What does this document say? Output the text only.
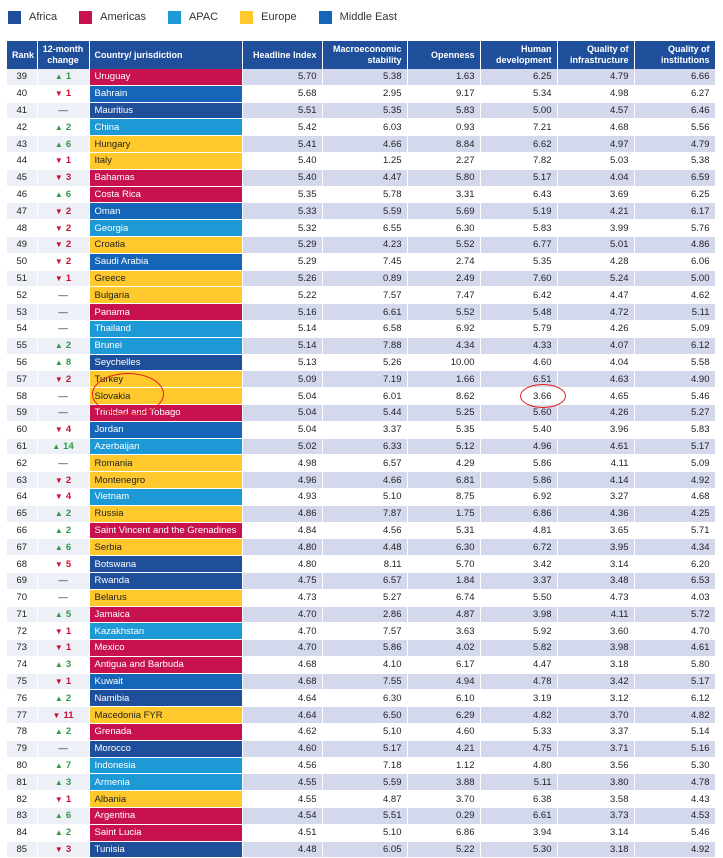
Africa	Americas	APAC	Europe	Middle East
Rank	12-month change	Country/ jurisdiction	Headline Index	Macroeconomic stability	Openness	Human development	Quality of infrastructure	Quality of institutions
39	▲ 1	Uruguay	5.70	5.38	1.63	6.25	4.79	6.66
40	▼ 1	Bahrain	5.68	2.95	9.17	5.34	4.98	6.27
41	—	Mauritius	5.51	5.35	5.83	5.00	4.57	6.46
42	▲ 2	China	5.42	6.03	0.93	7.21	4.68	5.56
43	▲ 6	Hungary	5.41	4.66	8.84	6.62	4.97	4.79
44	▼ 1	Italy	5.40	1.25	2.27	7.82	5.03	5.38
45	▼ 3	Bahamas	5.40	4.47	5.80	5.17	4.04	6.59
46	▲ 6	Costa Rica	5.35	5.78	3.31	6.43	3.69	6.25
47	▼ 2	Oman	5.33	5.59	5.69	5.19	4.21	6.17
48	▼ 2	Georgia	5.32	6.55	6.30	5.83	3.99	5.76
49	▼ 2	Croatia	5.29	4.23	5.52	6.77	5.01	4.86
50	▼ 2	Saudi Arabia	5.29	7.45	2.74	5.35	4.28	6.06
51	▼ 1	Greece	5.26	0.89	2.49	7.60	5.24	5.00
52	—	Bulgaria	5.22	7.57	7.47	6.42	4.47	4.62
53	—	Panama	5.16	6.61	5.52	5.48	4.72	5.11
54	—	Thailand	5.14	6.58	6.92	5.79	4.26	5.09
55	▲ 2	Brunei	5.14	7.88	4.34	4.33	4.07	6.12
56	▲ 8	Seychelles	5.13	5.26	10.00	4.60	4.04	5.58
57	▼ 2	Turkey	5.09	7.19	1.66	6.51	4.63	4.90
58	—	Slovakia	5.04	6.01	8.62	3.66	4.65	5.46
59	—	Trinidad and Tobago	5.04	5.44	5.25	5.60	4.26	5.27
60	▼ 4	Jordan	5.04	3.37	5.35	5.40	3.96	5.83
61	▲ 14	Azerbaijan	5.02	6.33	5.12	4.96	4.61	5.17
62	—	Romania	4.98	6.57	4.29	5.86	4.11	5.09
63	▼ 2	Montenegro	4.96	4.66	6.81	5.86	4.14	4.92
64	▼ 4	Vietnam	4.93	5.10	8.75	6.92	3.27	4.68
65	▲ 2	Russia	4.86	7.87	1.75	6.86	4.36	4.25
66	▲ 2	Saint Vincent and the Grenadines	4.84	4.56	5.31	4.81	3.65	5.71
67	▲ 6	Serbia	4.80	4.48	6.30	6.72	3.95	4.34
68	▼ 5	Botswana	4.80	8.11	5.70	3.42	3.14	6.20
69	—	Rwanda	4.75	6.57	1.84	3.37	3.48	6.53
70	—	Belarus	4.73	5.27	6.74	5.50	4.73	4.03
71	▲ 5	Jamaica	4.70	2.86	4.87	3.98	4.11	5.72
72	▼ 1	Kazakhstan	4.70	7.57	3.63	5.92	3.60	4.70
73	▼ 1	Mexico	4.70	5.86	4.02	5.82	3.98	4.61
74	▲ 3	Antigua and Barbuda	4.68	4.10	6.17	4.47	3.18	5.80
75	▼ 1	Kuwait	4.68	7.55	4.94	4.78	3.42	5.17
76	▲ 2	Namibia	4.64	6.30	6.10	3.19	3.12	6.12
77	▼ 11	Macedonia FYR	4.64	6.50	6.29	4.82	3.70	4.82
78	▲ 2	Grenada	4.62	5.10	4.60	5.33	3.37	5.14
79	—	Morocco	4.60	5.17	4.21	4.75	3.71	5.16
80	▲ 7	Indonesia	4.56	7.18	1.12	4.80	3.56	5.30
81	▲ 3	Armenia	4.55	5.59	3.88	5.11	3.80	4.78
82	▼ 1	Albania	4.55	4.87	3.70	6.38	3.58	4.43
83	▲ 6	Argentina	4.54	5.51	0.29	6.61	3.73	4.53
84	▲ 2	Saint Lucia	4.51	5.10	6.86	3.94	3.14	5.46
85	▼ 3	Tunisia	4.48	6.05	5.22	5.30	3.18	4.92
